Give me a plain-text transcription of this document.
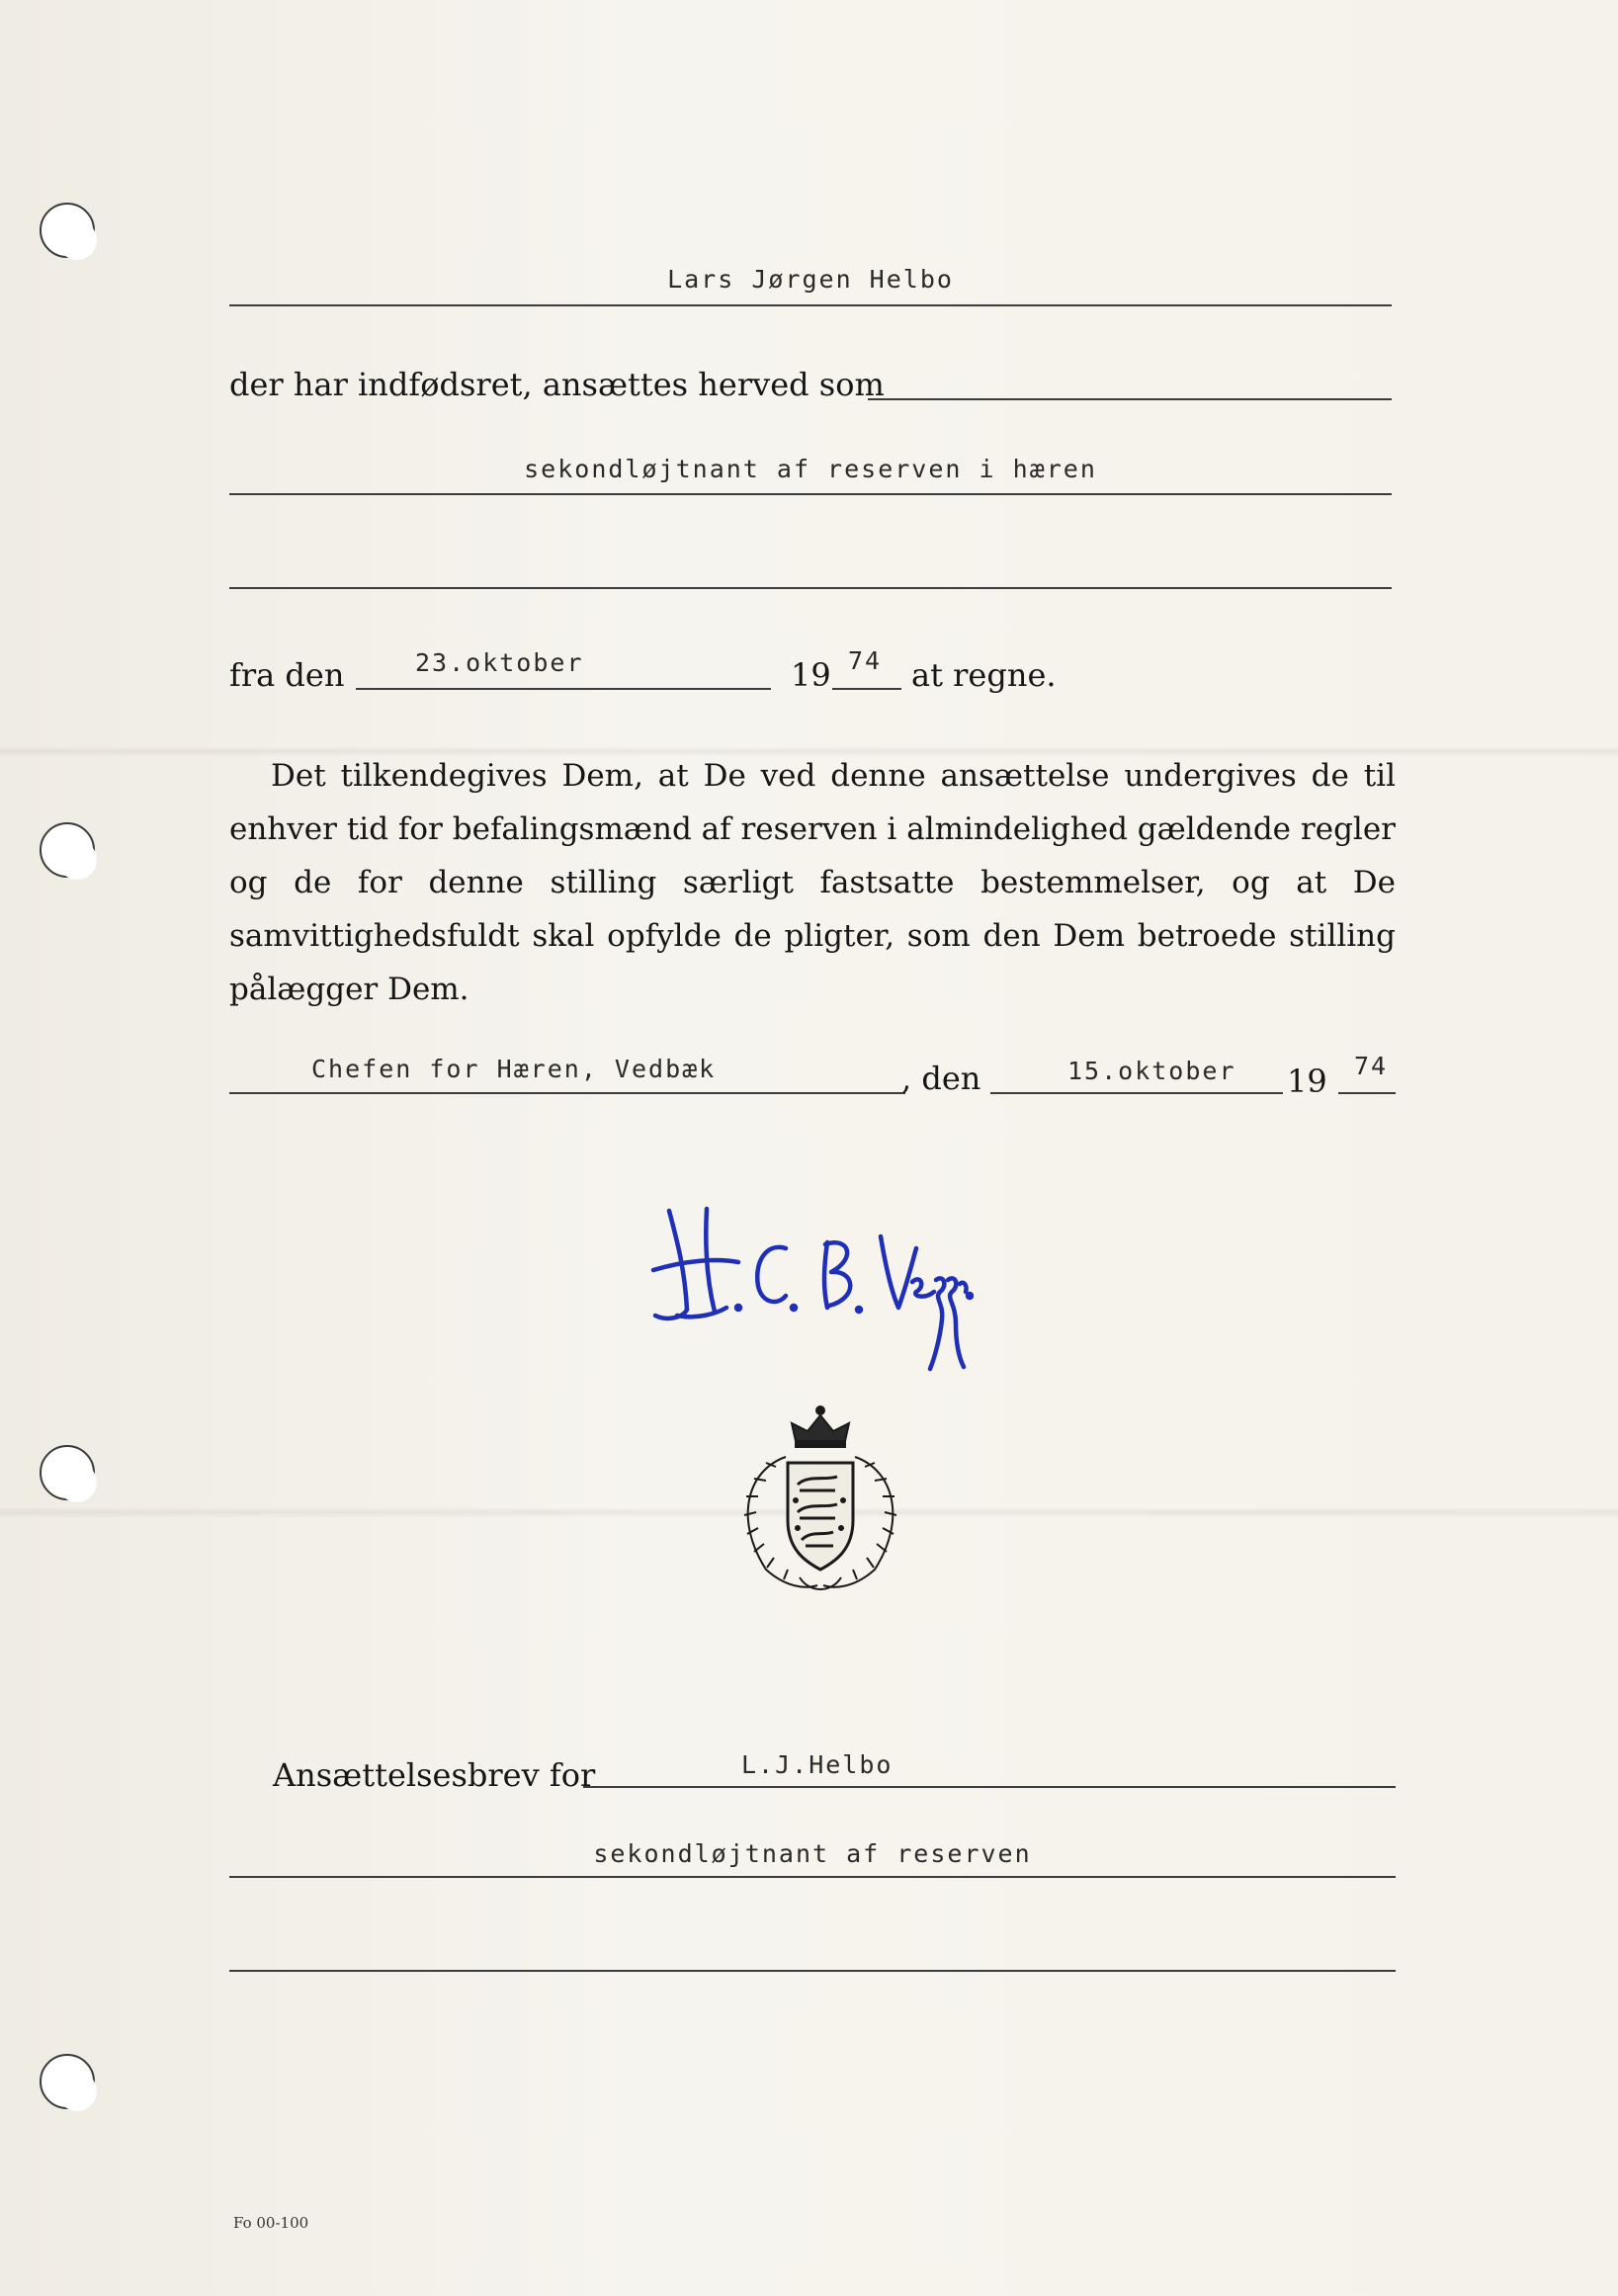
Lars Jørgen Helbo
der har indfødsret, ansættes herved som
sekondløjtnant af reserven i hæren
fra den	23.oktober	19 74 at regne.
Det tilkendegives Dem, at De ved denne ansættelse undergives de til enhver tid for befalingsmænd af reserven i almindelighed gældende regler og de for denne stilling særligt fastsatte bestemmelser, og at De samvittighedsfuldt skal opfylde de pligter, som den Dem betroede stilling pålægger Dem.
Chefen for Hæren, Vedbæk	, den	15.oktober 19 74
Ansættelsesbrev for	L.J.Helbo
sekondløjtnant af reserven
Fo 00-100
